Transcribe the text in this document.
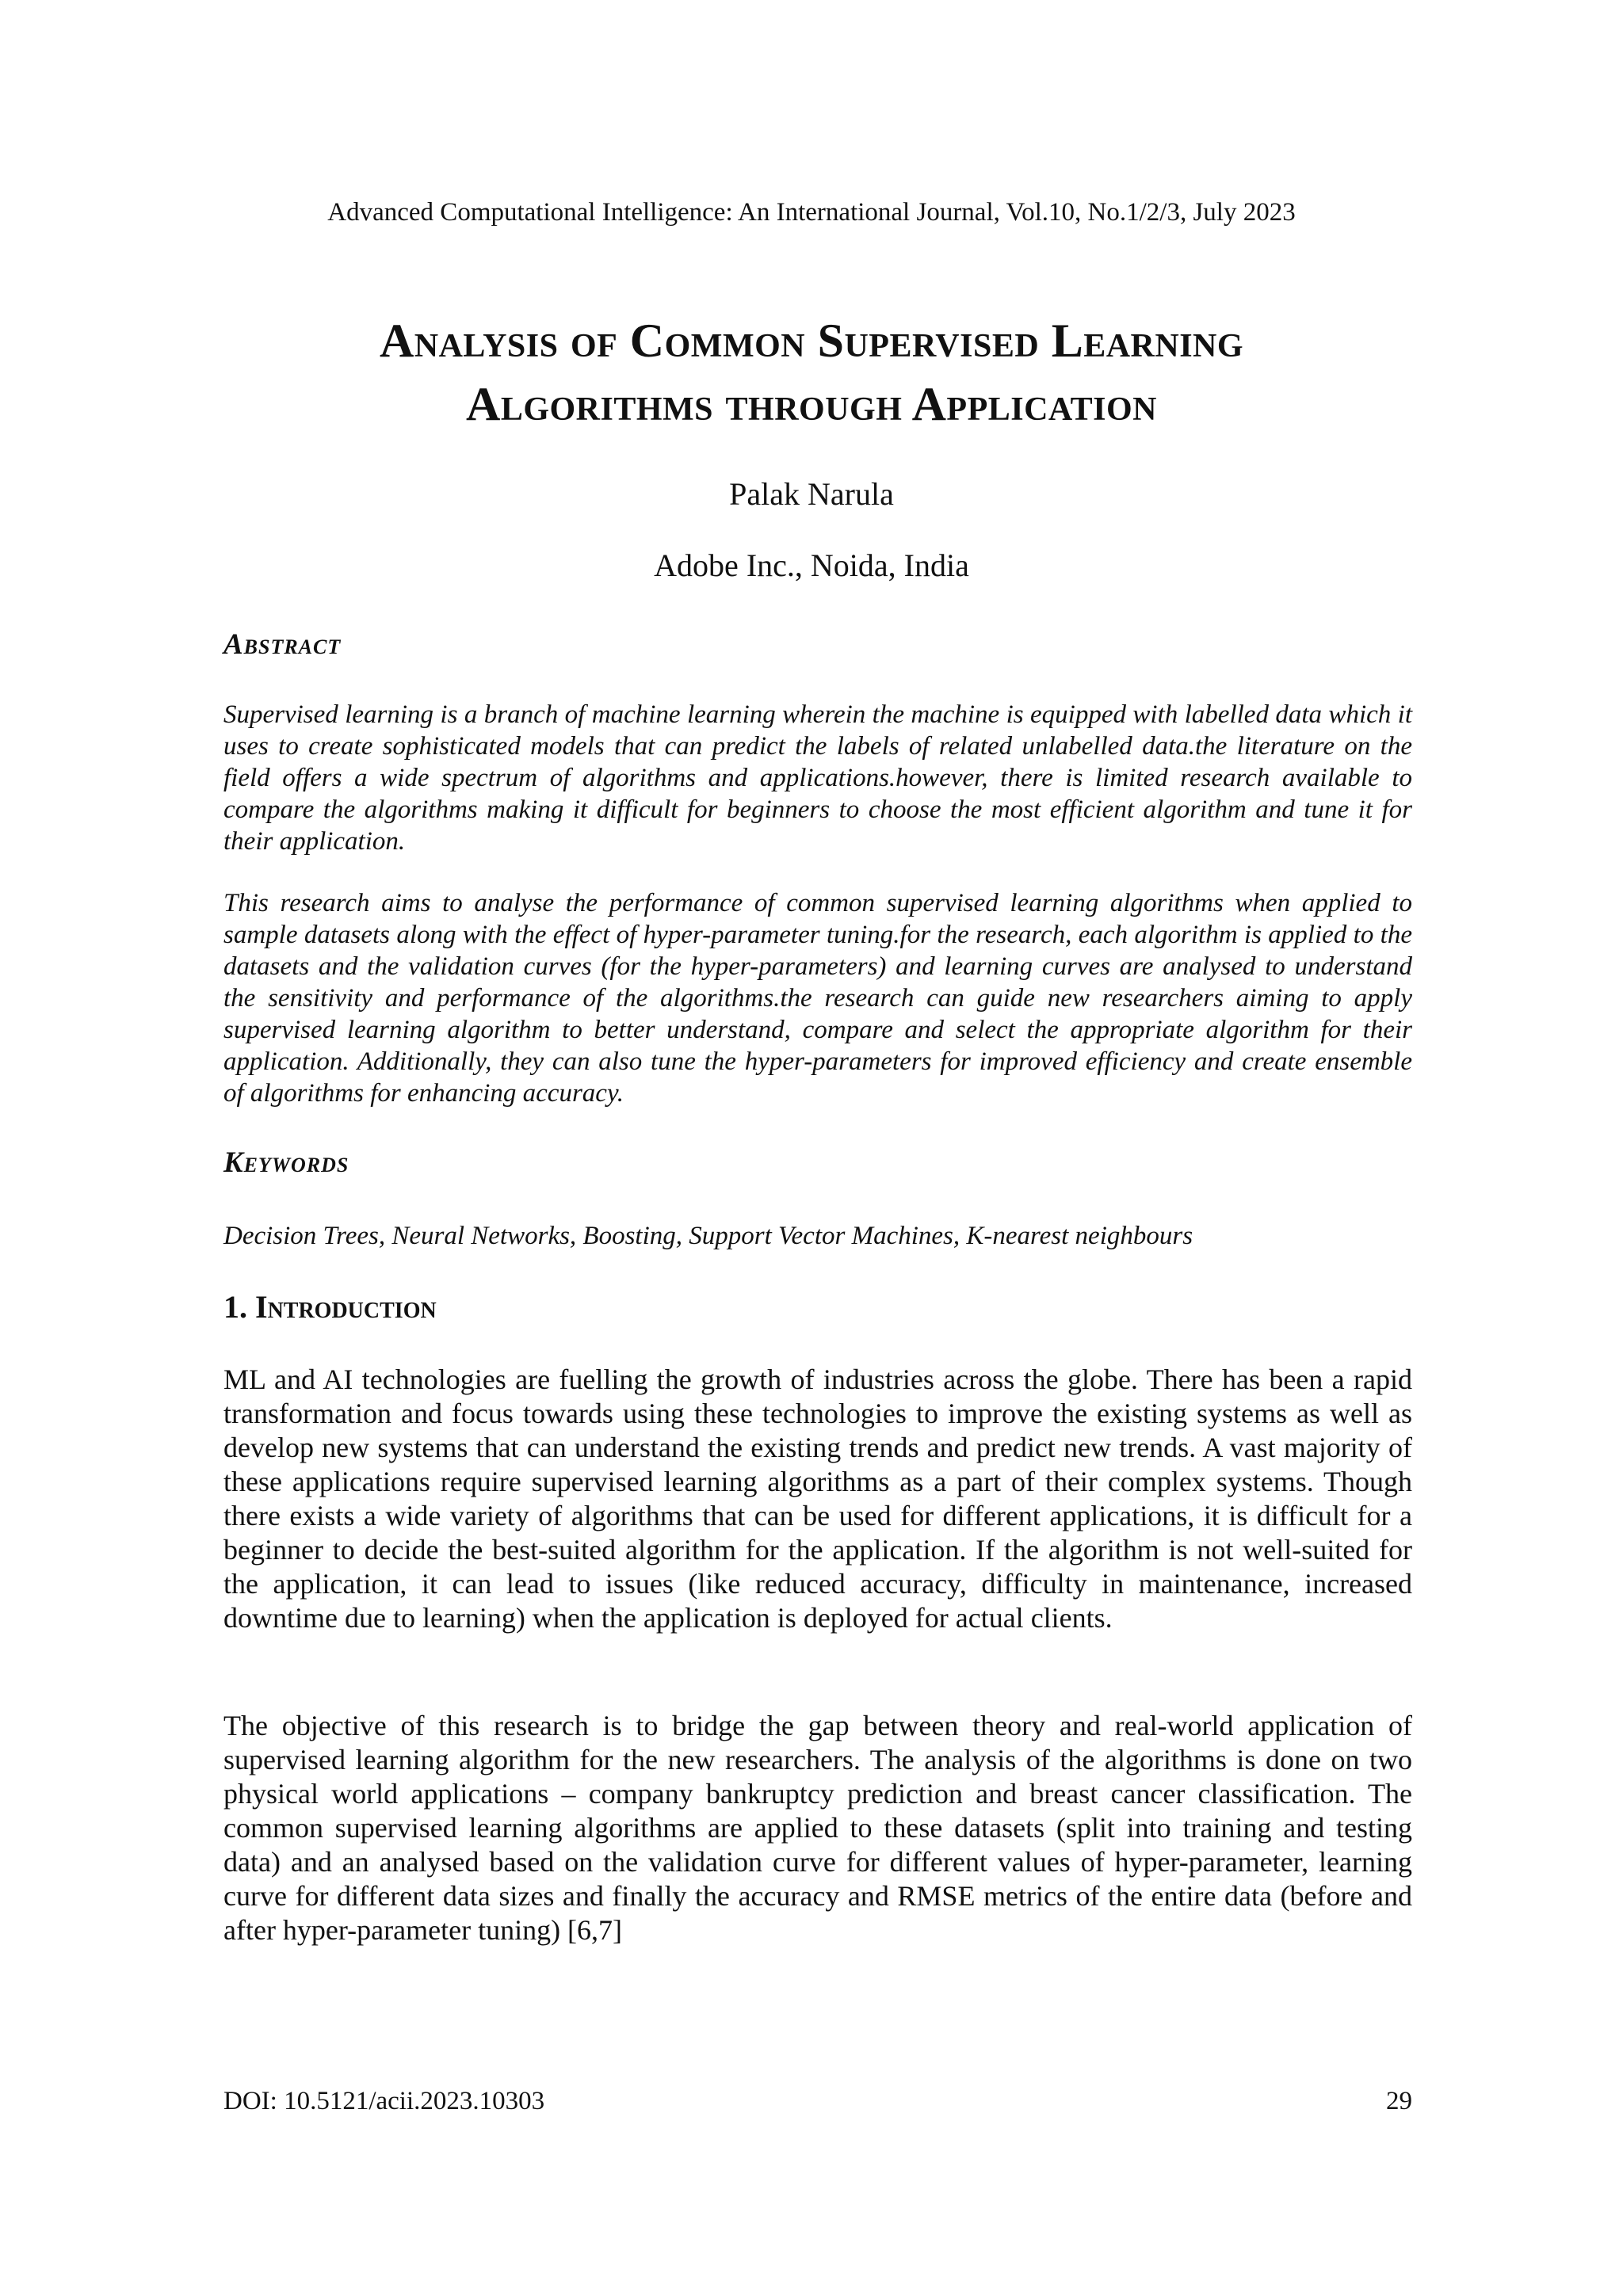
Advanced Computational Intelligence: An International Journal, Vol.10, No.1/2/3, July 2023
Analysis of Common Supervised Learning
Algorithms through Application
Palak Narula
Adobe Inc., Noida, India
Abstract
Supervised learning is a branch of machine learning wherein the machine is equipped with labelled data which it uses to create sophisticated models that can predict the labels of related unlabelled data.the literature on the field offers a wide spectrum of algorithms and applications.however, there is limited research available to compare the algorithms making it difficult for beginners to choose the most efficient algorithm and tune it for their application.
This research aims to analyse the performance of common supervised learning algorithms when applied to sample datasets along with the effect of hyper-parameter tuning.for the research, each algorithm is applied to the datasets and the validation curves (for the hyper-parameters) and learning curves are analysed to understand the sensitivity and performance of the algorithms.the research can guide new researchers aiming to apply supervised learning algorithm to better understand, compare and select the appropriate algorithm for their application. Additionally, they can also tune the hyper-parameters for improved efficiency and create ensemble of algorithms for enhancing accuracy.
Keywords
Decision Trees, Neural Networks, Boosting, Support Vector Machines, K-nearest neighbours
1. Introduction
ML and AI technologies are fuelling the growth of industries across the globe. There has been a rapid transformation and focus towards using these technologies to improve the existing systems as well as develop new systems that can understand the existing trends and predict new trends. A vast majority of these applications require supervised learning algorithms as a part of their complex systems. Though there exists a wide variety of algorithms that can be used for different applications, it is difficult for a beginner to decide the best-suited algorithm for the application. If the algorithm is not well-suited for the application, it can lead to issues (like reduced accuracy, difficulty in maintenance, increased downtime due to learning) when the application is deployed for actual clients.
The objective of this research is to bridge the gap between theory and real-world application of supervised learning algorithm for the new researchers. The analysis of the algorithms is done on two physical world applications – company bankruptcy prediction and breast cancer classification. The common supervised learning algorithms are applied to these datasets (split into training and testing data) and an analysed based on the validation curve for different values of hyper-parameter, learning curve for different data sizes and finally the accuracy and RMSE metrics of the entire data (before and after hyper-parameter tuning) [6,7]
DOI: 10.5121/acii.2023.10303	29
